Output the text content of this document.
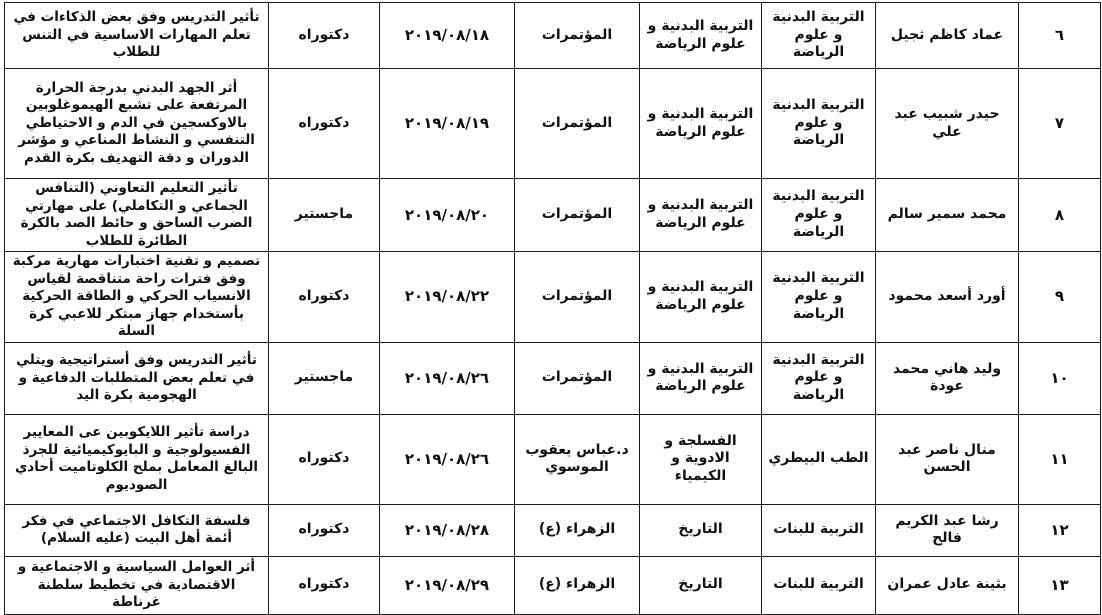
٦	عماد كاظم ثجيل	التربية البدنية و علوم الرياضة	التربية البدنية و علوم الرياضة	المؤتمرات	٢٠١٩/٠٨/١٨	دكتوراه	تأثير التدريس وفق بعض الذكاءات في تعلم المهارات الاساسية في التنس للطلاب
٧	حيدر شبيب عبد علي	التربية البدنية و علوم الرياضة	التربية البدنية و علوم الرياضة	المؤتمرات	٢٠١٩/٠٨/١٩	دكتوراه	أثر الجهد البدني بدرجة الحرارة المرتفعة على تشبع الهيموغلوبين بالاوكسجين في الدم و الاحتياطي التنفسي و النشاط المناعي و مؤشر الدوران و دقة التهديف بكرة القدم
٨	محمد سمير سالم	التربية البدنية و علوم الرياضة	التربية البدنية و علوم الرياضة	المؤتمرات	٢٠١٩/٠٨/٢٠	ماجستير	تأثير التعليم التعاوني (التنافس الجماعي و التكاملي) على مهارتي الضرب الساحق و حائط الصد بالكرة الطائرة للطلاب
٩	أورد أسعد محمود	التربية البدنية و علوم الرياضة	التربية البدنية و علوم الرياضة	المؤتمرات	٢٠١٩/٠٨/٢٢	دكتوراه	تصميم و تقنية اختبارات مهارية مركبة وفق فترات راحة متناقصة لقياس الانسياب الحركي و الطاقة الحركية بأستخدام جهاز مبتكر للاعبي كرة السلة
١٠	وليد هاني محمد عودة	التربية البدنية و علوم الرياضة	التربية البدنية و علوم الرياضة	المؤتمرات	٢٠١٩/٠٨/٢٦	ماجستير	تأثير التدريس وفق أستراتيجية ويتلي في تعلم بعض المتطلبات الدفاعية و الهجومية بكرة اليد
١١	منال ناصر عبد الحسن	الطب البيطري	الفسلجة و الادوية و الكيمياء	د.عباس يعقوب الموسوي	٢٠١٩/٠٨/٢٦	دكتوراه	دراسة تأثير اللايكوبين عى المعايير الفسيولوجية و البايوكيميائية للجرذ البالغ المعامل بملح الكلوتاميت أحادي الصوديوم
١٢	رشا عبد الكريم فالح	التربية للبنات	التاريخ	الزهراء (ع)	٢٠١٩/٠٨/٢٨	دكتوراه	فلسفة التكافل الاجتماعي في فكر أئمة أهل البيت (عليه السلام)
١٣	بثينة عادل عمران	التربية للبنات	التاريخ	الزهراء (ع)	٢٠١٩/٠٨/٢٩	دكتوراه	أثر العوامل السياسية و الاجتماعية و الاقتصادية في تخطيط سلطنة غرناطة
